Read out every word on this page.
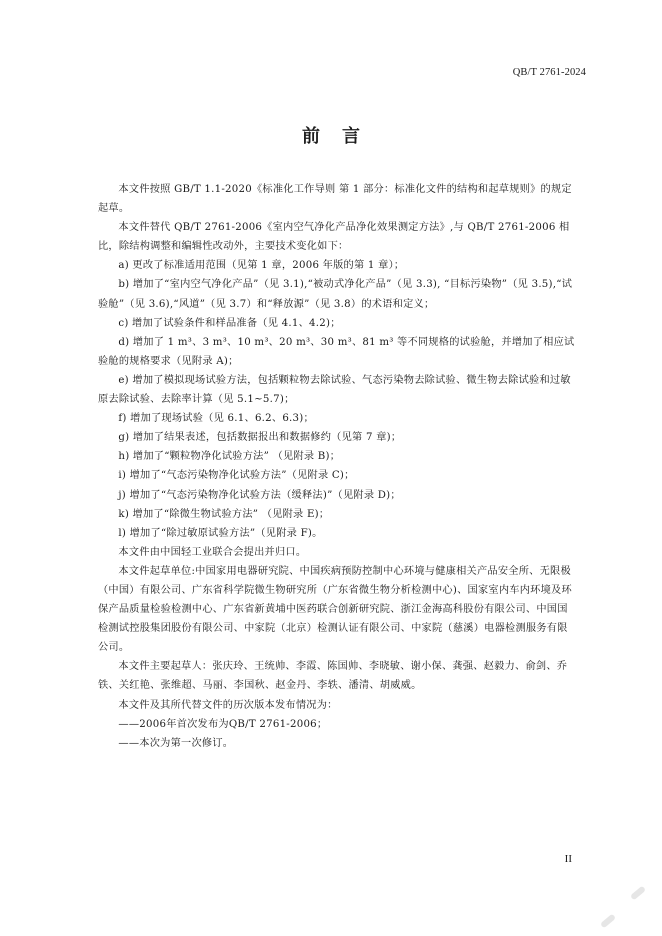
QB/T 2761-2024
前言

本文件按照 GB/T 1.1-2020《标准化工作导则 第 1 部分：标准化文件的结构和起草规则》的规定起草。

本文件替代 QB/T 2761-2006《室内空气净化产品净化效果测定方法》,与 QB/T 2761-2006 相比，除结构调整和编辑性改动外，主要技术变化如下：

a) 更改了标准适用范围（见第 1 章，2006 年版的第 1 章）；

b) 增加了“室内空气净化产品”（见 3.1),“被动式净化产品”（见 3.3), “目标污染物”（见 3.5),“试验舱”（见 3.6),“风道”（见 3.7）和“释放源”（见 3.8）的术语和定义；

c) 增加了试验条件和样品准备（见 4.1、4.2)；

d) 增加了 1 m³、3 m³、10 m³、20 m³、30 m³、81 m³ 等不同规格的试验舱，并增加了相应试验舱的规格要求（见附录 A)；

e) 增加了模拟现场试验方法，包括颗粒物去除试验、气态污染物去除试验、微生物去除试验和过敏原去除试验、去除率计算（见 5.1~5.7)；

f) 增加了现场试验（见 6.1、6.2、6.3)；

g) 增加了结果表述，包括数据报出和数据修约（见第 7 章)；

h) 增加了“颗粒物净化试验方法” （见附录 B)；

i) 增加了“气态污染物净化试验方法”（见附录 C)；

j) 增加了“气态污染物净化试验方法（缓释法)”（见附录 D)；

k) 增加了“除微生物试验方法” （见附录 E)；

l) 增加了“除过敏原试验方法”（见附录 F)。

本文件由中国轻工业联合会提出并归口。

本文件起草单位:中国家用电器研究院、中国疾病预防控制中心环境与健康相关产品安全所、无限极（中国）有限公司、广东省科学院微生物研究所（广东省微生物分析检测中心)、国家室内车内环境及环保产品质量检验检测中心、广东省新黄埔中医药联合创新研究院、浙江金海高科股份有限公司、中国国检测试控股集团股份有限公司、中家院（北京）检测认证有限公司、中家院（慈溪）电器检测服务有限公司。

本文件主要起草人：张庆玲、王统帅、李霞、陈国帅、李晓敏、谢小保、龚强、赵毅力、俞剑、乔铁、关红艳、张维超、马丽、李国秋、赵金丹、李轶、潘清、胡威威。

本文件及其所代替文件的历次版本发布情况为：

——2006年首次发布为QB/T 2761-2006；

——本次为第一次修订。

II
